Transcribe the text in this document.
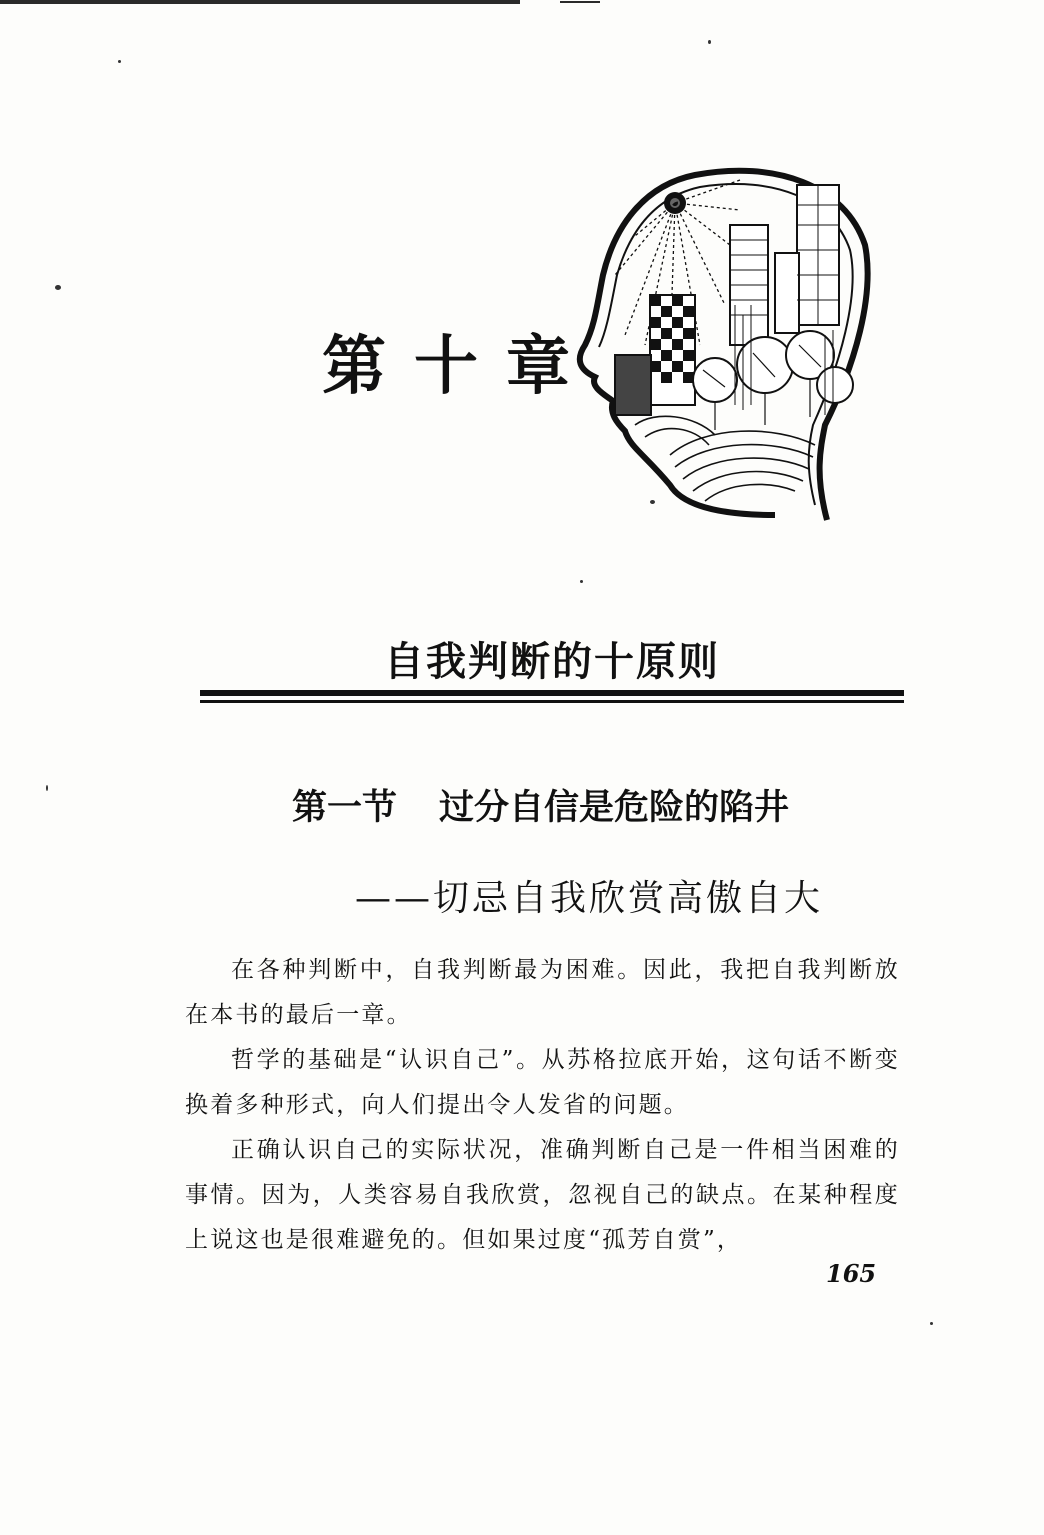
第十章
自我判断的十原则
第一节 过分自信是危险的陷井
——切忌自我欣赏高傲自大

在各种判断中，自我判断最为困难。因此，我把自我判断放在本书的最后一章。

哲学的基础是“认识自己”。从苏格拉底开始，这句话不断变换着多种形式，向人们提出令人发省的问题。

正确认识自己的实际状况，准确判断自己是一件相当困难的事情。因为，人类容易自我欣赏，忽视自己的缺点。在某种程度上说这也是很难避免的。但如果过度“孤芳自赏”，

165
